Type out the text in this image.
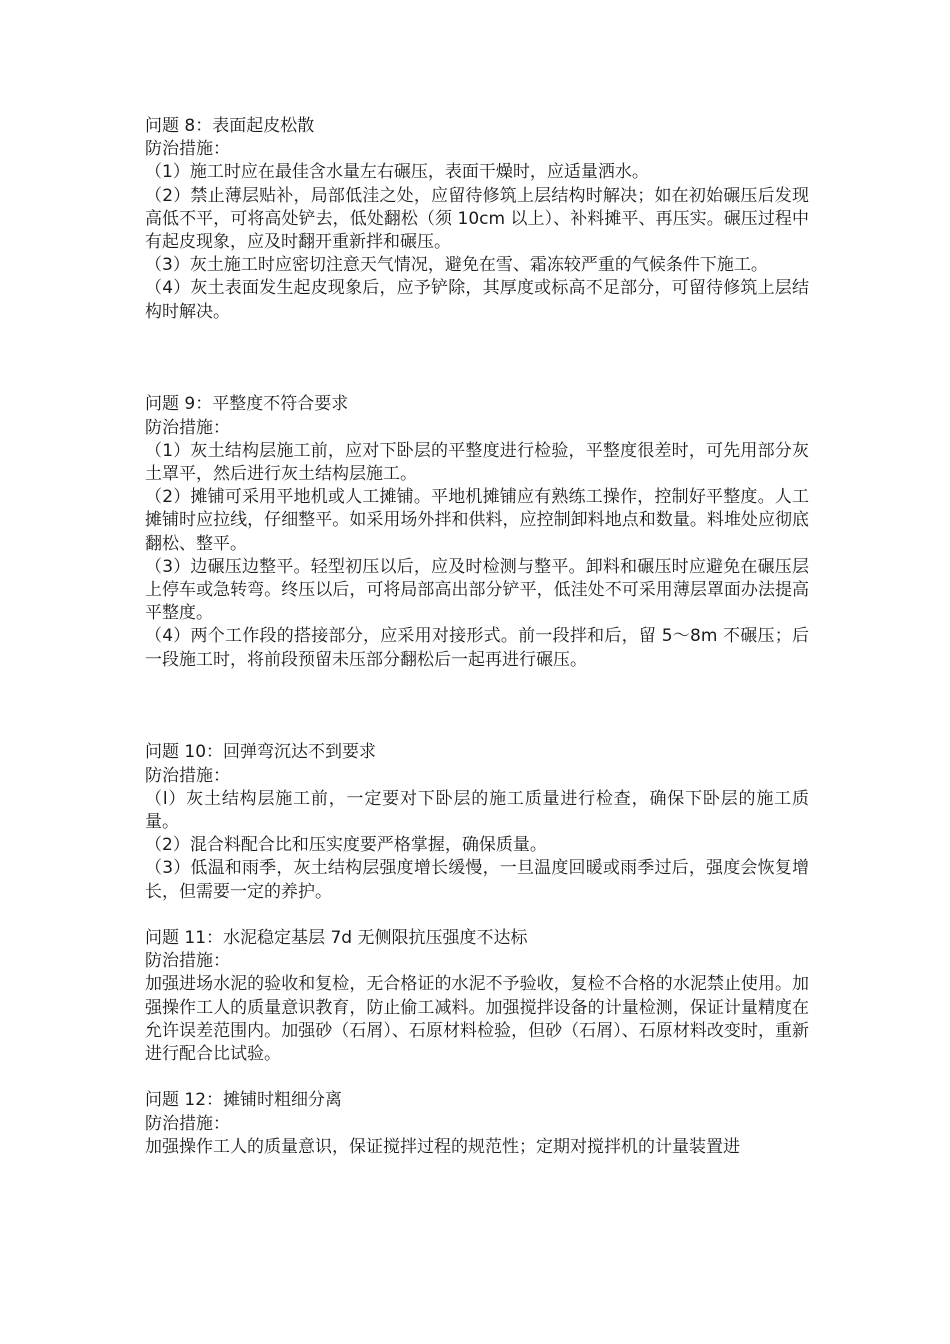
问题 8：表面起皮松散

防治措施：

（1）施工时应在最佳含水量左右碾压，表面干燥时，应适量洒水。

（2）禁止薄层贴补，局部低洼之处，应留待修筑上层结构时解决；如在初始碾压后发现高低不平，可将高处铲去，低处翻松（须 10cm 以上）、补料摊平、再压实。碾压过程中有起皮现象，应及时翻开重新拌和碾压。

（3）灰土施工时应密切注意天气情况，避免在雪、霜冻较严重的气候条件下施工。

（4）灰土表面发生起皮现象后，应予铲除，其厚度或标高不足部分，可留待修筑上层结构时解决。

问题 9：平整度不符合要求

防治措施：

（1）灰土结构层施工前，应对下卧层的平整度进行检验，平整度很差时，可先用部分灰土罩平，然后进行灰土结构层施工。

（2）摊铺可采用平地机或人工摊铺。平地机摊铺应有熟练工操作，控制好平整度。人工摊铺时应拉线，仔细整平。如采用场外拌和供料，应控制卸料地点和数量。料堆处应彻底翻松、整平。

（3）边碾压边整平。轻型初压以后，应及时检测与整平。卸料和碾压时应避免在碾压层上停车或急转弯。终压以后，可将局部高出部分铲平，低洼处不可采用薄层罩面办法提高平整度。

（4）两个工作段的搭接部分，应采用对接形式。前一段拌和后，留 5～8m 不碾压；后一段施工时，将前段预留未压部分翻松后一起再进行碾压。

问题 10：回弹弯沉达不到要求

防治措施：

（l）灰土结构层施工前，一定要对下卧层的施工质量进行检查，确保下卧层的施工质量。

（2）混合料配合比和压实度要严格掌握，确保质量。

（3）低温和雨季，灰土结构层强度增长缓慢，一旦温度回暖或雨季过后，强度会恢复增长，但需要一定的养护。

问题 11：水泥稳定基层 7d 无侧限抗压强度不达标

防治措施：

加强进场水泥的验收和复检，无合格证的水泥不予验收，复检不合格的水泥禁止使用。加强操作工人的质量意识教育，防止偷工减料。加强搅拌设备的计量检测，保证计量精度在允许误差范围内。加强砂（石屑）、石原材料检验，但砂（石屑）、石原材料改变时，重新进行配合比试验。

问题 12：摊铺时粗细分离

防治措施：

加强操作工人的质量意识，保证搅拌过程的规范性；定期对搅拌机的计量装置进
